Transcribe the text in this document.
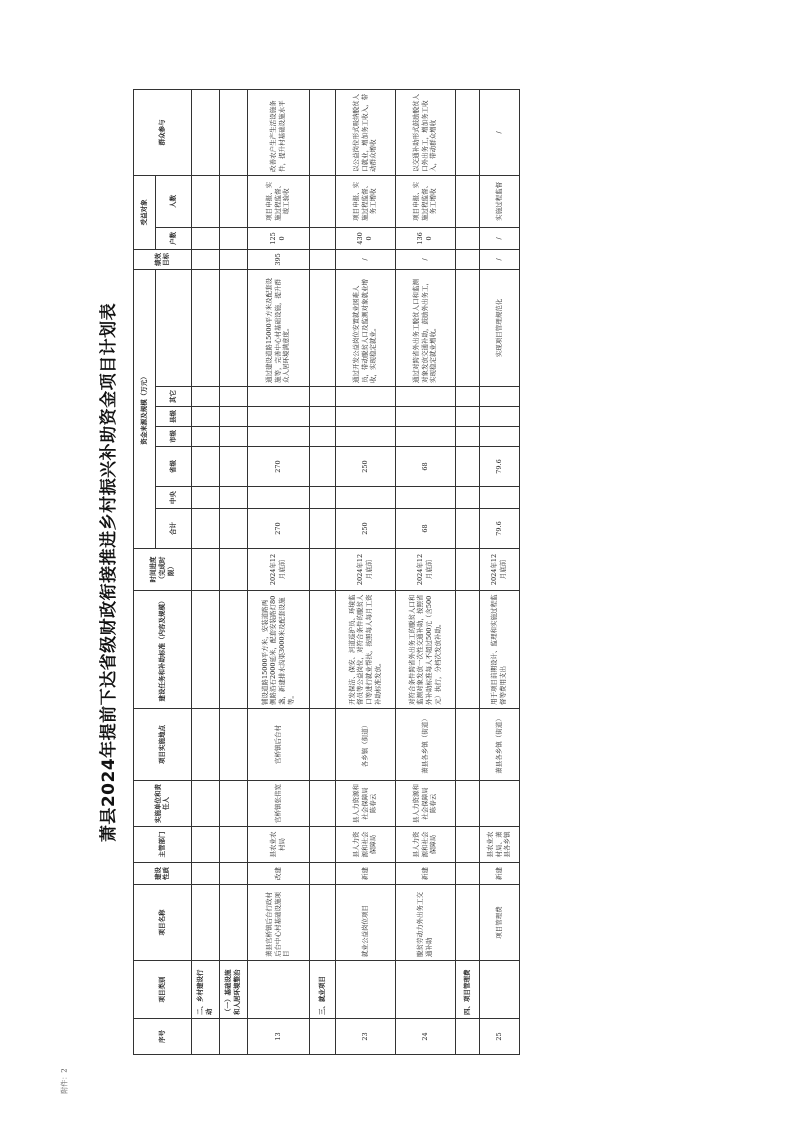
附件：2
萧县2024年提前下达省级财政衔接推进乡村振兴补助资金项目计划表
序号	项目类别	项目名称	建设性质	主管部门	实施单位和责任人	项目实施地点	建设任务和补助标准（内容及规模）	时间进度（完成时限）	资金来源及规模（万元）							绩效目标	受益对象		群众参与	
									合计	中央	省级	市级	县级	其它			户数	人数		

	二、乡村建设行动																			
	（一）基础设施和人居环境整治																			
13		萧县官桥镇后台行政村后台中心村基础设施项目	改建	县农业农村局	官桥镇张伟宽	官桥镇后台村	铺设道路15000平方米，安装道路两侧路沿石2000延米，配套安装路灯80盏，新建排水沟渠3000米及配套设施等。	2024年12月底前	270		270				通过建设道路15000平方米及配套设施等，完善中心村基础设施，提升群众人居环境满意度。	395	1250	项目申报、实施过程监督、竣工验收	改善农户生产生活设施条件，提升村基础设施水平	
	三、就业项目																			
23		就业公益岗位项目	新建	县人力资源和社会保障局	县人力资源和社会保障局 陈春云	各乡镇（街道）	开发保洁、保安、河道巡护员、环境监督员等公益岗位，对符合条件的脱贫人口等进行就业帮扶，按照每人每月工资补助标准发放。	2024年12月底前	250		250				通过开发公益岗位安置就业困难人员，带动脱贫人口及监测对象就业增收，实现稳定就业。	/	4300	项目申报、实施过程监督、务工增收	以公益岗位形式吸纳脱贫人口就业，增加务工收入，带动群众增收	
24		脱贫劳动力外出务工交通补助	新建	县人力资源和社会保障局	县人力资源和社会保障局 陈春云	萧县各乡镇（街道）	对符合条件跨省外出务工的脱贫人口和监测对象发放一次性交通补助，按照省外补助标准每人不超过500元（含500元）执行，分档次发放补助。	2024年12月底前	68		68				通过对跨省外出务工脱贫人口和监测对象发放交通补助，鼓励外出务工，实现稳定就业增收。	/	1360	项目申报、实施过程监督、务工增收	以交通补助形式鼓励脱贫人口外出务工，增加务工收入，带动群众增收	
	四、项目管理费																			
25		项目管理费	新建	县农业农村局、萧县各乡镇		萧县各乡镇（街道）	用于项目前期设计、监理和实施过程监督等费用支出	2024年12月底前	79.6		79.6				实现项目管理规范化	/	/	实施过程监督	/	
